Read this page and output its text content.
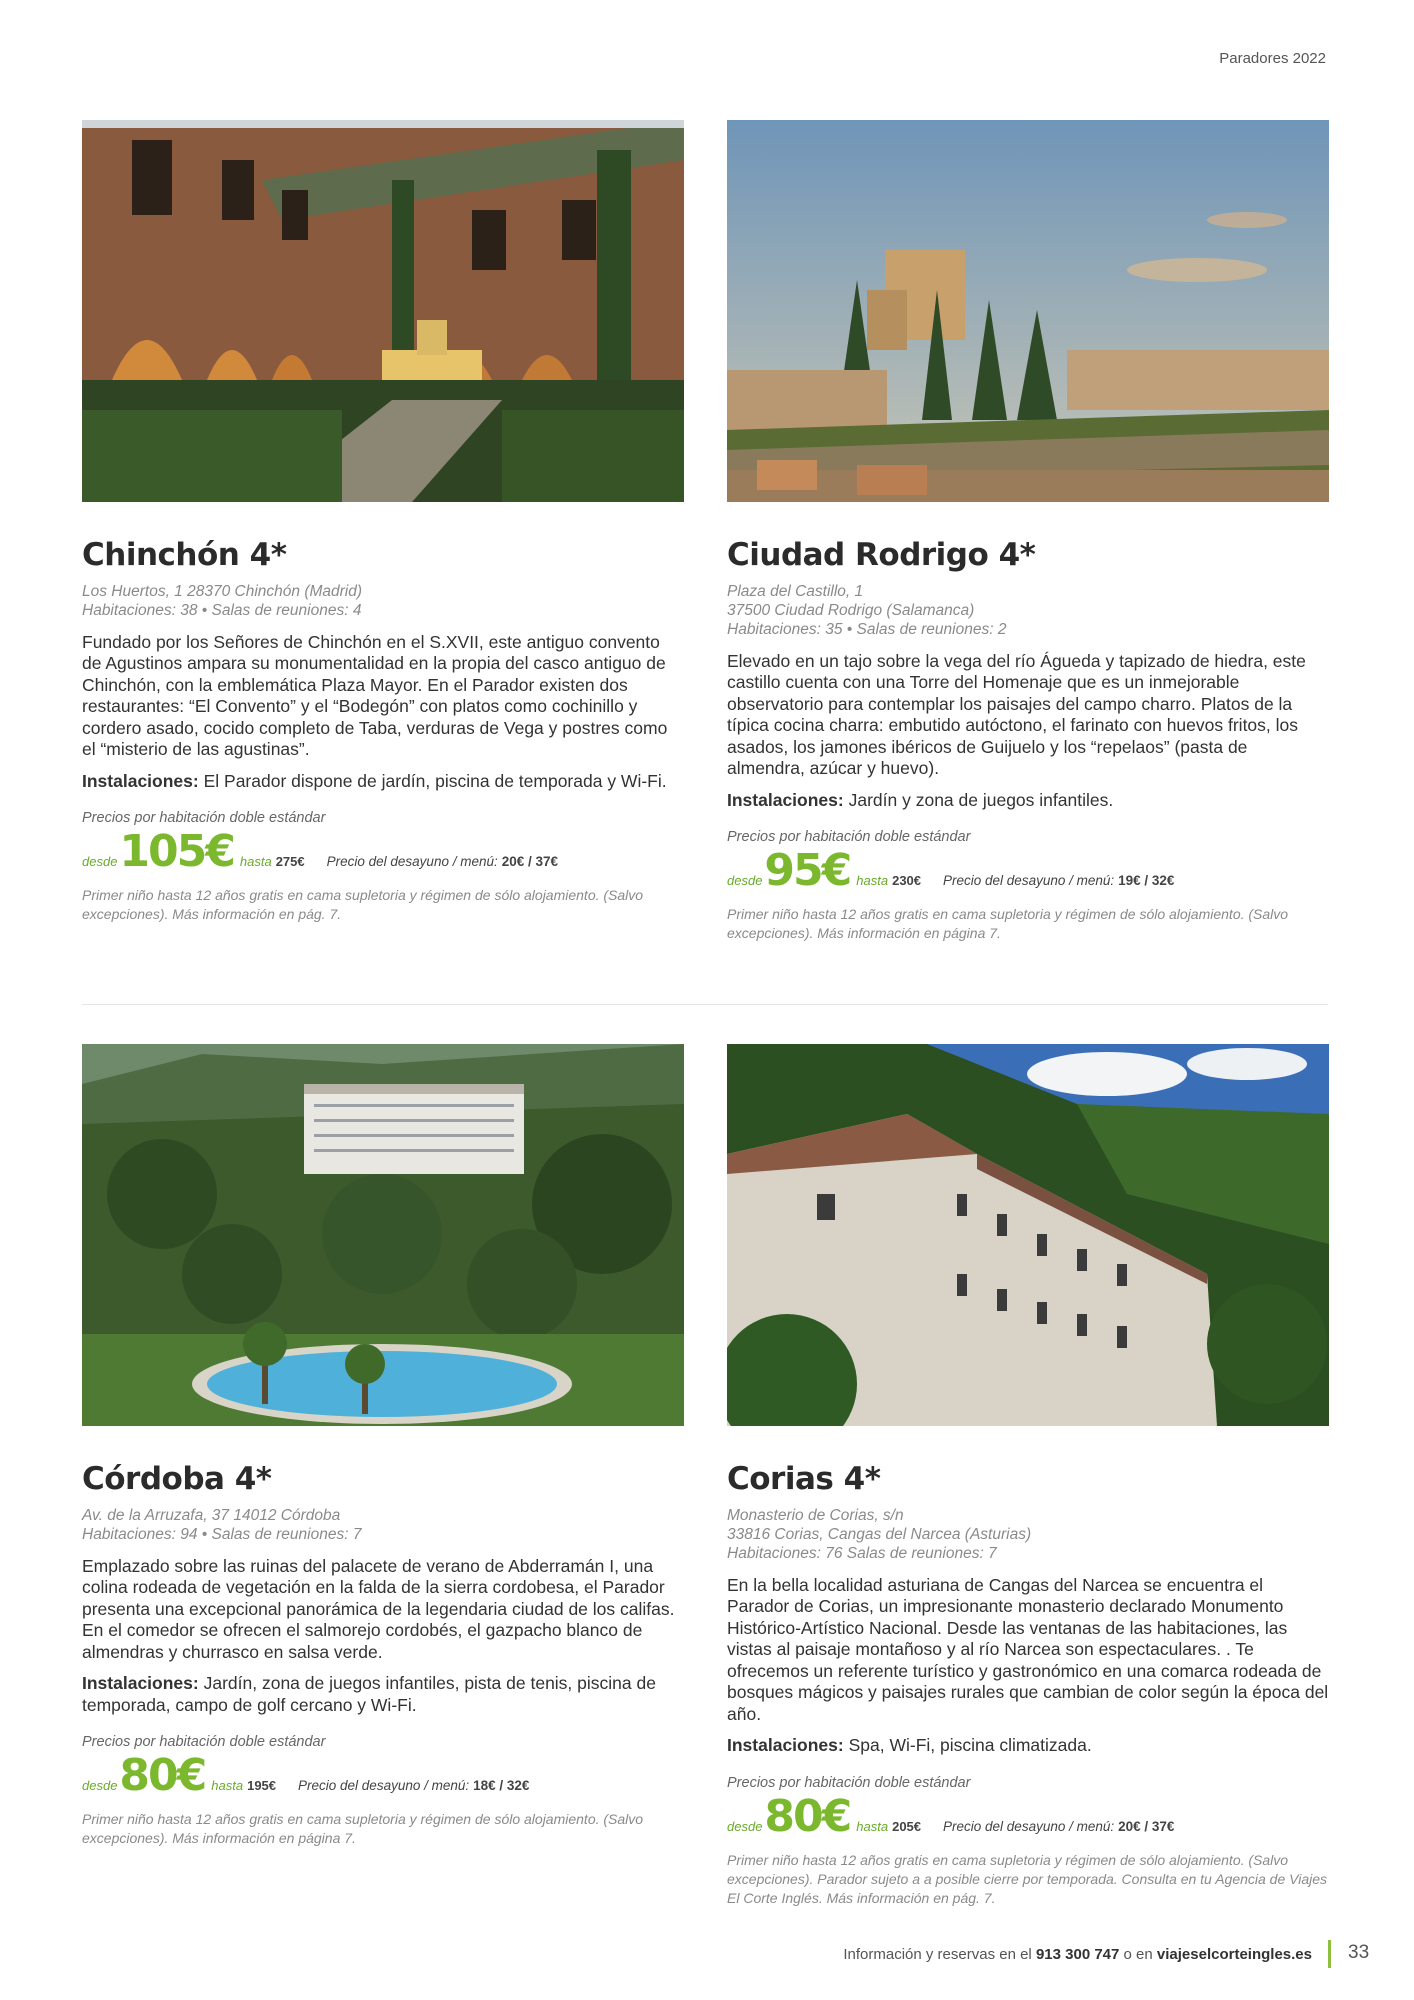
Paradores 2022
Chinchón 4*
Los Huertos, 1 28370 Chinchón (Madrid)
Habitaciones: 38 • Salas de reuniones: 4
Fundado por los Señores de Chinchón en el S.XVII, este antiguo convento de Agustinos ampara su monumentalidad en la propia del casco antiguo de Chinchón, con la emblemática Plaza Mayor. En el Parador existen dos restaurantes: “El Convento” y el “Bodegón” con platos como cochinillo y cordero asado, cocido completo de Taba, verduras de Vega y postres como el “misterio de las agustinas”.
Instalaciones: El Parador dispone de jardín, piscina de temporada y Wi-Fi.
Precios por habitación doble estándar
desde 105€ hasta 275€ Precio del desayuno / menú: 20€ / 37€
Primer niño hasta 12 años gratis en cama supletoria y régimen de sólo alojamiento. (Salvo excepciones). Más información en pág. 7.
Ciudad Rodrigo 4*
Plaza del Castillo, 1
37500 Ciudad Rodrigo (Salamanca)
Habitaciones: 35 • Salas de reuniones: 2
Elevado en un tajo sobre la vega del río Águeda y tapizado de hiedra, este castillo cuenta con una Torre del Homenaje que es un inmejorable observatorio para contemplar los paisajes del campo charro. Platos de la típica cocina charra: embutido autóctono, el farinato con huevos fritos, los asados, los jamones ibéricos de Guijuelo y los “repelaos” (pasta de almendra, azúcar y huevo).
Instalaciones: Jardín y zona de juegos infantiles.
Precios por habitación doble estándar
desde 95€ hasta 230€ Precio del desayuno / menú: 19€ / 32€
Primer niño hasta 12 años gratis en cama supletoria y régimen de sólo alojamiento. (Salvo excepciones). Más información en página 7.
Córdoba 4*
Av. de la Arruzafa, 37 14012 Córdoba
Habitaciones: 94 • Salas de reuniones: 7
Emplazado sobre las ruinas del palacete de verano de Abderramán I, una colina rodeada de vegetación en la falda de la sierra cordobesa, el Parador presenta una excepcional panorámica de la legendaria ciudad de los califas. En el comedor se ofrecen el salmorejo cordobés, el gazpacho blanco de almendras y churrasco en salsa verde.
Instalaciones: Jardín, zona de juegos infantiles, pista de tenis, piscina de temporada, campo de golf cercano y Wi-Fi.
Precios por habitación doble estándar
desde 80€ hasta 195€ Precio del desayuno / menú: 18€ / 32€
Primer niño hasta 12 años gratis en cama supletoria y régimen de sólo alojamiento. (Salvo excepciones). Más información en página 7.
Corias 4*
Monasterio de Corias, s/n
33816 Corias, Cangas del Narcea (Asturias)
Habitaciones: 76 Salas de reuniones: 7
En la bella localidad asturiana de Cangas del Narcea se encuentra el Parador de Corias, un impresionante monasterio declarado Monumento Histórico-Artístico Nacional. Desde las ventanas de las habitaciones, las vistas al paisaje montañoso y al río Narcea son espectaculares. . Te ofrecemos un referente turístico y gastronómico en una comarca rodeada de bosques mágicos y paisajes rurales que cambian de color según la época del año.
Instalaciones: Spa, Wi-Fi, piscina climatizada.
Precios por habitación doble estándar
desde 80€ hasta 205€ Precio del desayuno / menú: 20€ / 37€
Primer niño hasta 12 años gratis en cama supletoria y régimen de sólo alojamiento. (Salvo excepciones). Parador sujeto a a posible cierre por temporada. Consulta en tu Agencia de Viajes El Corte Inglés. Más información en pág. 7.
Información y reservas en el 913 300 747 o en viajeselcorteingles.es 33
